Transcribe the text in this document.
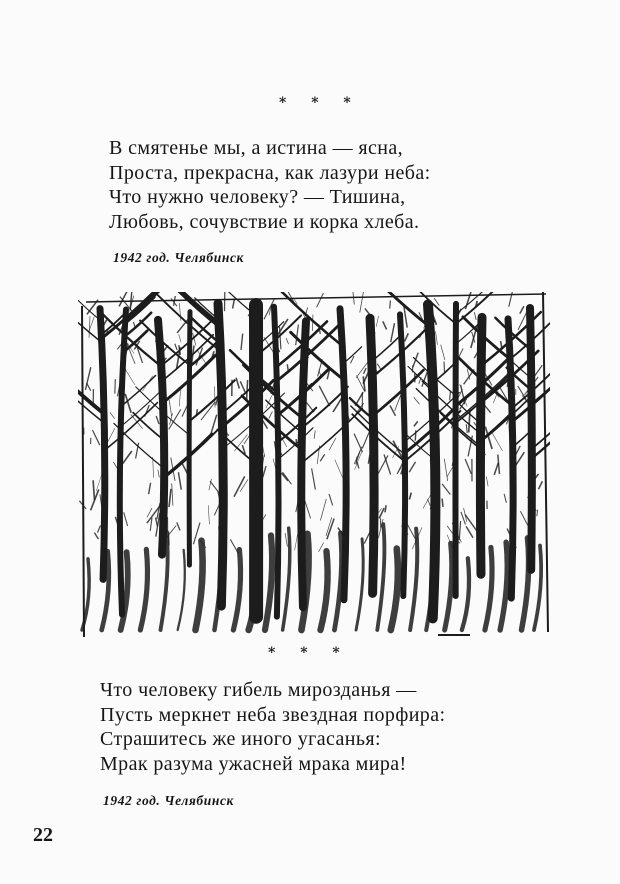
* * *

В смятенье мы, а истина — ясна,
Проста, прекрасна, как лазури неба:
Что нужно человеку? — Тишина,
Любовь, сочувствие и корка хлеба.

1942 год. Челябинск

* * *

Что человеку гибель мирозданья —
Пусть меркнет неба звездная порфира:
Страшитесь же иного угасанья:
Мрак разума ужасней мрака мира!

1942 год. Челябинск

22
